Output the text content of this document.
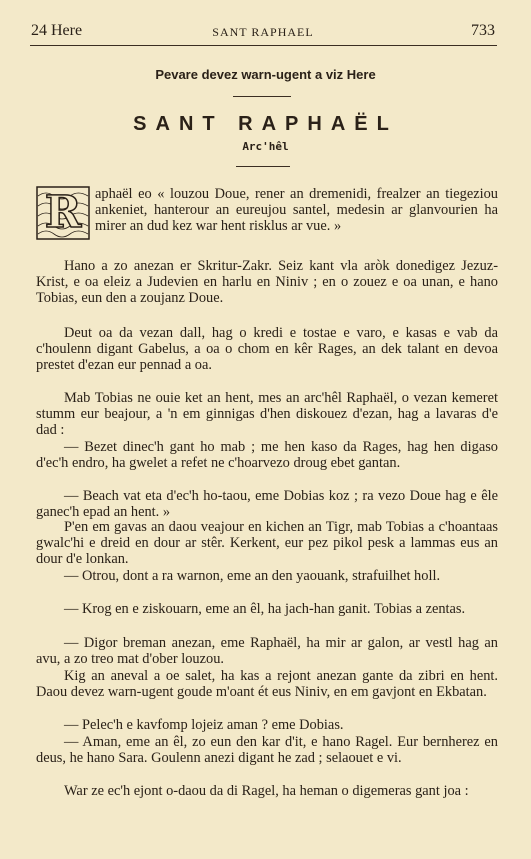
24 Here	SANT RAPHAEL	733
Pevare devez warn-ugent a viz Here
SANT RAPHAËL
Arc'hêl
R aphaël eo « louzou Doue, rener an dremenidi, frealzer an tiegeziou ankeniet, hanterour an eureujou santel, medesin ar glanvourien ha mirer an dud kez war hent risklus ar vue. »
Hano a zo anezan er Skritur-Zakr. Seiz kant vla aròk donedigez Jezuz-Krist, e oa eleiz a Judevien en harlu en Niniv ; en o zouez e oa unan, e hano Tobias, eun den a zoujanz Doue.
Deut oa da vezan dall, hag o kredi e tostae e varo, e kasas e vab da c'houlenn digant Gabelus, a oa o chom en kêr Rages, an dek talant en devoa prestet d'ezan eur pennad a oa.
Mab Tobias ne ouie ket an hent, mes an arc'hêl Raphaël, o vezan kemeret stumm eur beajour, a 'n em ginnigas d'hen diskouez d'ezan, hag a lavaras d'e dad :
— Bezet dinec'h gant ho mab ; me hen kaso da Rages, hag hen digaso d'ec'h endro, ha gwelet a refet ne c'hoarvezo droug ebet gantan.
— Beach vat eta d'ec'h ho-taou, eme Dobias koz ; ra vezo Doue hag e êle ganec'h epad an hent. »
P'en em gavas an daou veajour en kichen an Tigr, mab Tobias a c'hoantaas gwalc'hi e dreid en dour ar stêr. Kerkent, eur pez pikol pesk a lammas eus an dour d'e lonkan.
— Otrou, dont a ra warnon, eme an den yaouank, strafuilhet holl.
— Krog en e ziskouarn, eme an êl, ha jach-han ganit. Tobias a zentas.
— Digor breman anezan, eme Raphaël, ha mir ar galon, ar vestl hag an avu, a zo treo mat d'ober louzou.
Kig an aneval a oe salet, ha kas a rejont anezan gante da zibri en hent. Daou devez warn-ugent goude m'oant ét eus Niniv, en em gavjont en Ekbatan.
— Pelec'h e kavfomp lojeiz aman ? eme Dobias.
— Aman, eme an êl, zo eun den kar d'it, e hano Ragel. Eur bernherez en deus, he hano Sara. Goulenn anezi digant he zad ; selaouet e vi.
War ze ec'h ejont o-daou da di Ragel, ha heman o digemeras gant joa :
